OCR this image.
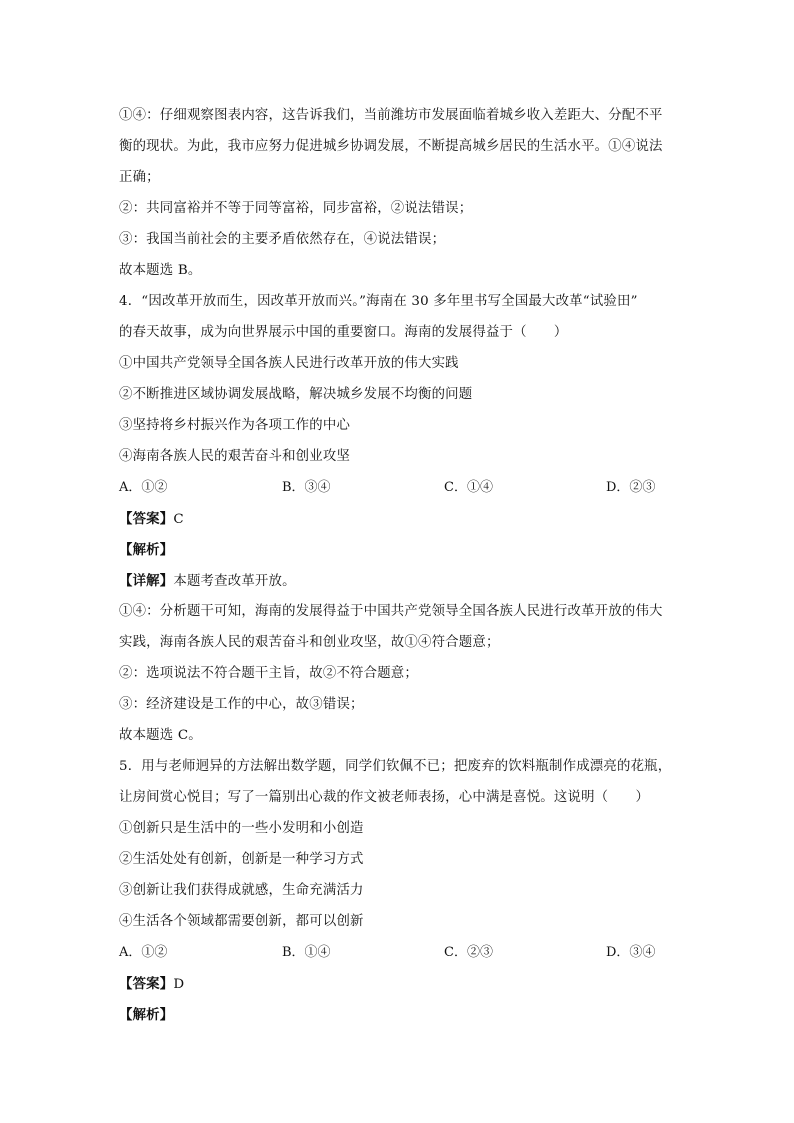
①④：仔细观察图表内容，这告诉我们，当前潍坊市发展面临着城乡收入差距大、分配不平
衡的现状。为此，我市应努力促进城乡协调发展，不断提高城乡居民的生活水平。①④说法
正确；
②：共同富裕并不等于同等富裕，同步富裕，②说法错误；
③：我国当前社会的主要矛盾依然存在，④说法错误；
故本题选 B。
4．“因改革开放而生，因改革开放而兴。”海南在 30 多年里书写全国最大改革“试验田”
的春天故事，成为向世界展示中国的重要窗口。海南的发展得益于（　　）
①中国共产党领导全国各族人民进行改革开放的伟大实践
②不断推进区域协调发展战略，解决城乡发展不均衡的问题
③坚持将乡村振兴作为各项工作的中心
④海南各族人民的艰苦奋斗和创业攻坚
A．①②	B．③④	C．①④	D．②③
【答案】C
【解析】
【详解】本题考查改革开放。
①④：分析题干可知，海南的发展得益于中国共产党领导全国各族人民进行改革开放的伟大
实践，海南各族人民的艰苦奋斗和创业攻坚，故①④符合题意；
②：选项说法不符合题干主旨，故②不符合题意；
③：经济建设是工作的中心，故③错误；
故本题选 C。
5．用与老师迥异的方法解出数学题，同学们钦佩不已；把废弃的饮料瓶制作成漂亮的花瓶，
让房间赏心悦目；写了一篇别出心裁的作文被老师表扬，心中满是喜悦。这说明（　　）
①创新只是生活中的一些小发明和小创造
②生活处处有创新，创新是一种学习方式
③创新让我们获得成就感，生命充满活力
④生活各个领域都需要创新，都可以创新
A．①②	B．①④	C．②③	D．③④
【答案】D
【解析】
